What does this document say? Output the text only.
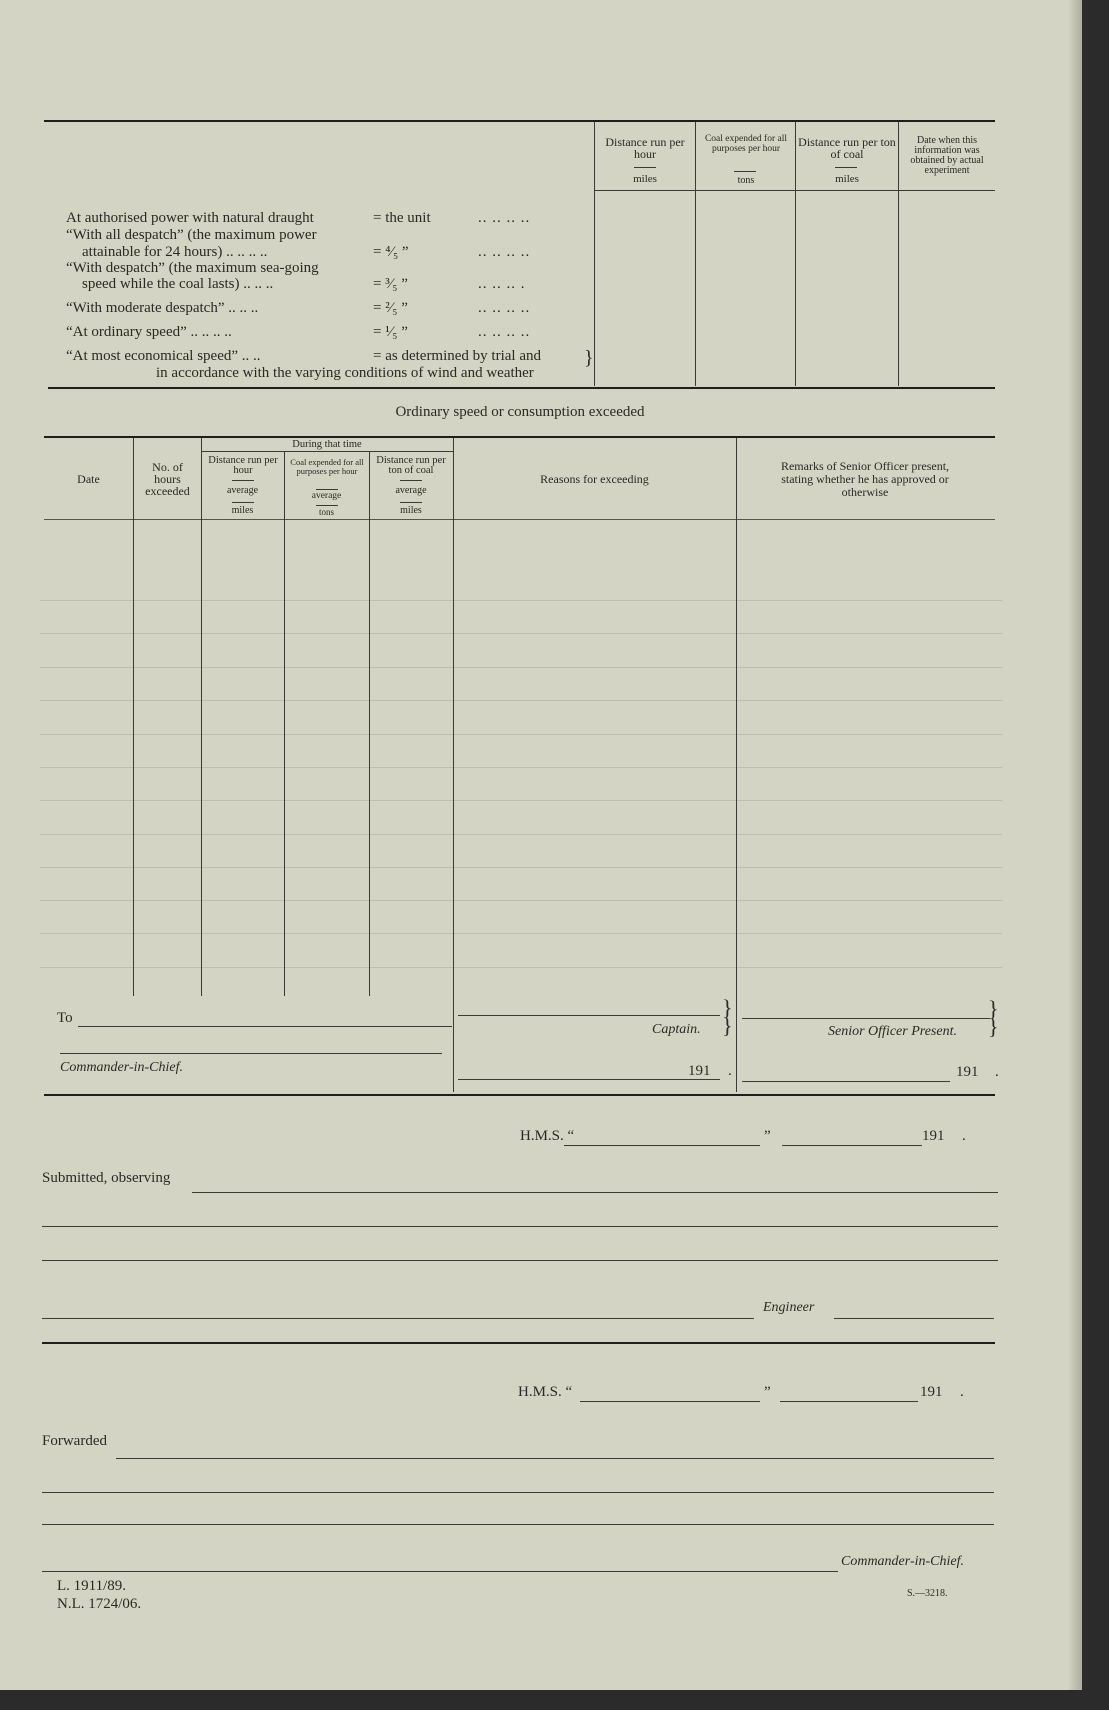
Distance run per hour
miles
Coal expended for all purposes per hour
tons
Distance run per ton of coal
miles
Date when this information was obtained by actual experiment
At authorised power with natural draught	= the unit	.. .. .. ..
“With all despatch” (the maximum power
attainable for 24 hours) .. .. .. ..	= ⁴⁄₅ ”	.. .. .. ..
“With despatch” (the maximum sea-going
speed while the coal lasts) .. .. ..	= ³⁄₅ ”	.. .. .. .
“With moderate despatch” .. .. ..	= ²⁄₅ ”	.. .. .. ..
“At ordinary speed” .. .. .. ..	= ¹⁄₅ ”	.. .. .. ..
“At most economical speed” .. ..	= as determined by trial and
in accordance with the varying conditions of wind and weather
}
Ordinary speed or consumption exceeded
During that time
Date
No. of hours exceeded
Distance run per hour
average
miles
Coal expended for all purposes per hour
average
tons
Distance run per ton of coal
average
miles
Reasons for exceeding
Remarks of Senior Officer present, stating whether he has approved or otherwise
To
Commander-in-Chief.
Captain.
}
}
191 .
Senior Officer Present.
}
}
191 .
H.M.S. “	”	191 .
Submitted, observing
Engineer
H.M.S. “	”	191 .
Forwarded
Commander-in-Chief.
L. 1911/89.
N.L. 1724/06.
S.—3218.
